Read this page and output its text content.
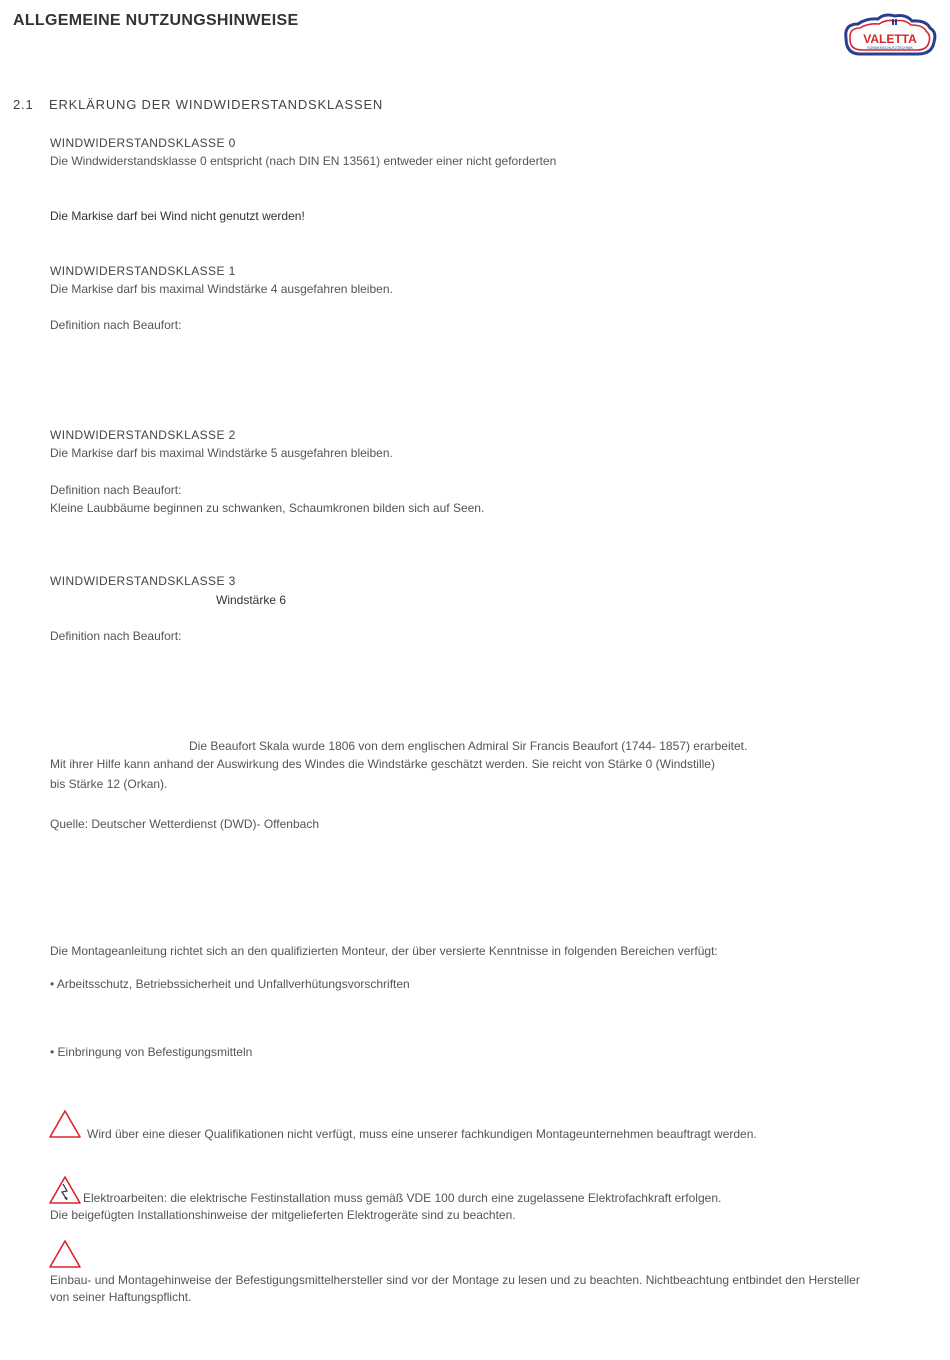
ALLGEMEINE NUTZUNGSHINWEISE
VALETTA
SONNENSCHUTZTECHNIK
2.1 ERKLÄRUNG DER WINDWIDERSTANDSKLASSEN
WINDWIDERSTANDSKLASSE 0
Die Windwiderstandsklasse 0 entspricht (nach DIN EN 13561) entweder einer nicht geforderten
Die Markise darf bei Wind nicht genutzt werden!
WINDWIDERSTANDSKLASSE 1
Die Markise darf bis maximal Windstärke 4 ausgefahren bleiben.
Definition nach Beaufort:
WINDWIDERSTANDSKLASSE 2
Die Markise darf bis maximal Windstärke 5 ausgefahren bleiben.
Definition nach Beaufort:
Kleine Laubbäume beginnen zu schwanken, Schaumkronen bilden sich auf Seen.
WINDWIDERSTANDSKLASSE 3
Windstärke 6
Definition nach Beaufort:
Die Beaufort Skala wurde 1806 von dem englischen Admiral Sir Francis Beaufort (1744- 1857) erarbeitet.
Mit ihrer Hilfe kann anhand der Auswirkung des Windes die Windstärke geschätzt werden. Sie reicht von Stärke 0 (Windstille)
bis Stärke 12 (Orkan).
Quelle: Deutscher Wetterdienst (DWD)- Offenbach
Die Montageanleitung richtet sich an den qualifizierten Monteur, der über versierte Kenntnisse in folgenden Bereichen verfügt:
• Arbeitsschutz, Betriebssicherheit und Unfallverhütungsvorschriften
• Einbringung von Befestigungsmitteln
Wird über eine dieser Qualifikationen nicht verfügt, muss eine unserer fachkundigen Montageunternehmen beauftragt werden.
Elektroarbeiten: die elektrische Festinstallation muss gemäß VDE 100 durch eine zugelassene Elektrofachkraft erfolgen.
Die beigefügten Installationshinweise der mitgelieferten Elektrogeräte sind zu beachten.
Einbau- und Montagehinweise der Befestigungsmittelhersteller sind vor der Montage zu lesen und zu beachten. Nichtbeachtung entbindet den Hersteller
von seiner Haftungspflicht.
